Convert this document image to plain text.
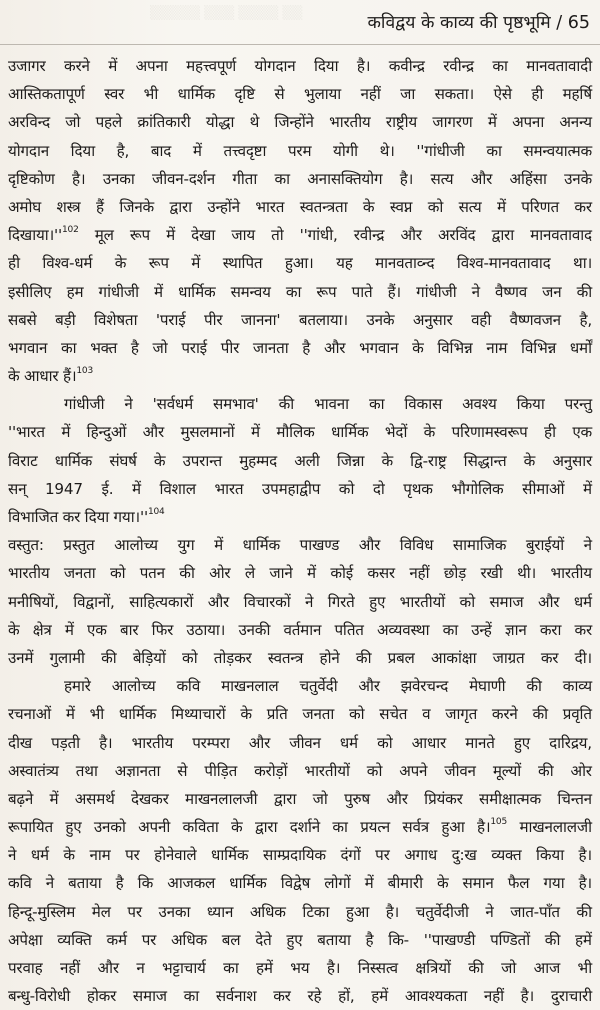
▒▒▒▒▒ ▒▒▒ ▒▒▒▒ ▒▒	कविद्वय के काव्य की पृष्ठभूमि / 65
उजागर करने में अपना महत्त्वपूर्ण योगदान दिया है। कवीन्द्र रवीन्द्र का मानवतावादी
आस्तिकतापूर्ण स्वर भी धार्मिक दृष्टि से भुलाया नहीं जा सकता। ऐसे ही महर्षि
अरविन्द जो पहले क्रांतिकारी योद्धा थे जिन्होंने भारतीय राष्ट्रीय जागरण में अपना अनन्य
योगदान दिया है, बाद में तत्त्वदृष्टा परम योगी थे। ''गांधीजी का समन्वयात्मक
दृष्टिकोण है। उनका जीवन-दर्शन गीता का अनासक्तियोग है। सत्य और अहिंसा उनके
अमोघ शस्त्र हैं जिनके द्वारा उन्होंने भारत स्वतन्त्रता के स्वप्न को सत्य में परिणत कर
$दिखाया।''^{102}$ मूल रूप में देखा जाय तो ''गांधी, रवीन्द्र और अरविंद द्वारा मानवतावाद
ही विश्व-धर्म के रूप में स्थापित हुआ। यह मानवताव्न्द विश्व-मानवतावाद था।
इसीलिए हम गांधीजी में धार्मिक समन्वय का रूप पाते हैं। गांधीजी ने वैष्णव जन की
सबसे बड़ी विशेषता 'पराई पीर जानना' बतलाया। उनके अनुसार वही वैष्णवजन है,
भगवान का भक्त है जो पराई पीर जानता है और भगवान के विभिन्न नाम विभिन्न धर्मों
के आधार हैं।$^{103}$
गांधीजी ने 'सर्वधर्म समभाव' की भावना का विकास अवश्य किया परन्तु
''भारत में हिन्दुओं और मुसलमानों में मौलिक धार्मिक भेदों के परिणामस्वरूप ही एक
विराट धार्मिक संघर्ष के उपरान्त मुहम्मद अली जिन्ना के द्वि-राष्ट्र सिद्धान्त के अनुसार
सन् 1947 ई. में विशाल भारत उपमहाद्वीप को दो पृथक भौगोलिक सीमाओं में
विभाजित कर दिया $गया।''^{104}$
वस्तुत: प्रस्तुत आलोच्य युग में धार्मिक पाखण्ड और विविध सामाजिक बुराईयों ने
भारतीय जनता को पतन की ओर ले जाने में कोई कसर नहीं छोड़ रखी थी। भारतीय
मनीषियों, विद्वानों, साहित्यकारों और विचारकों ने गिरते हुए भारतीयों को समाज और धर्म
के क्षेत्र में एक बार फिर उठाया। उनकी वर्तमान पतित अव्यवस्था का उन्हें ज्ञान करा कर
उनमें गुलामी की बेड़ियों को तोड़कर स्वतन्त्र होने की प्रबल आकांक्षा जाग्रत कर दी।
हमारे आलोच्य कवि माखनलाल चतुर्वेदी और झवेरचन्द मेघाणी की काव्य
रचनाओं में भी धार्मिक मिथ्याचारों के प्रति जनता को सचेत व जागृत करने की प्रवृति
दीख पड़ती है। भारतीय परम्परा और जीवन धर्म को आधार मानते हुए दारिद्रय,
अस्वातंत्र्य तथा अज्ञानता से पीड़ित करोड़ों भारतीयों को अपने जीवन मूल्यों की ओर
बढ़ने में असमर्थ देखकर माखनलालजी द्वारा जो पुरुष और प्रियंकर समीक्षात्मक चिन्तन
रूपायित हुए उनको अपनी कविता के द्वारा दर्शाने का प्रयत्न सर्वत्र हुआ है।$^{105}$ माखनलालजी
ने धर्म के नाम पर होनेवाले धार्मिक साम्प्रदायिक दंगों पर अगाध दु:ख व्यक्त किया है।
कवि ने बताया है कि आजकल धार्मिक विद्वेष लोगों में बीमारी के समान फैल गया है।
हिन्दू-मुस्लिम मेल पर उनका ध्यान अधिक टिका हुआ है। चतुर्वेदीजी ने जात-पाँत की
अपेक्षा व्यक्ति कर्म पर अधिक बल देते हुए बताया है कि- ''पाखण्डी पण्डितों की हमें
परवाह नहीं और न भट्टाचार्य का हमें भय है। निस्सत्व क्षत्रियों की जो आज भी
बन्धु-विरोधी होकर समाज का सर्वनाश कर रहे हों, हमें आवश्यकता नहीं है। दुराचारी
